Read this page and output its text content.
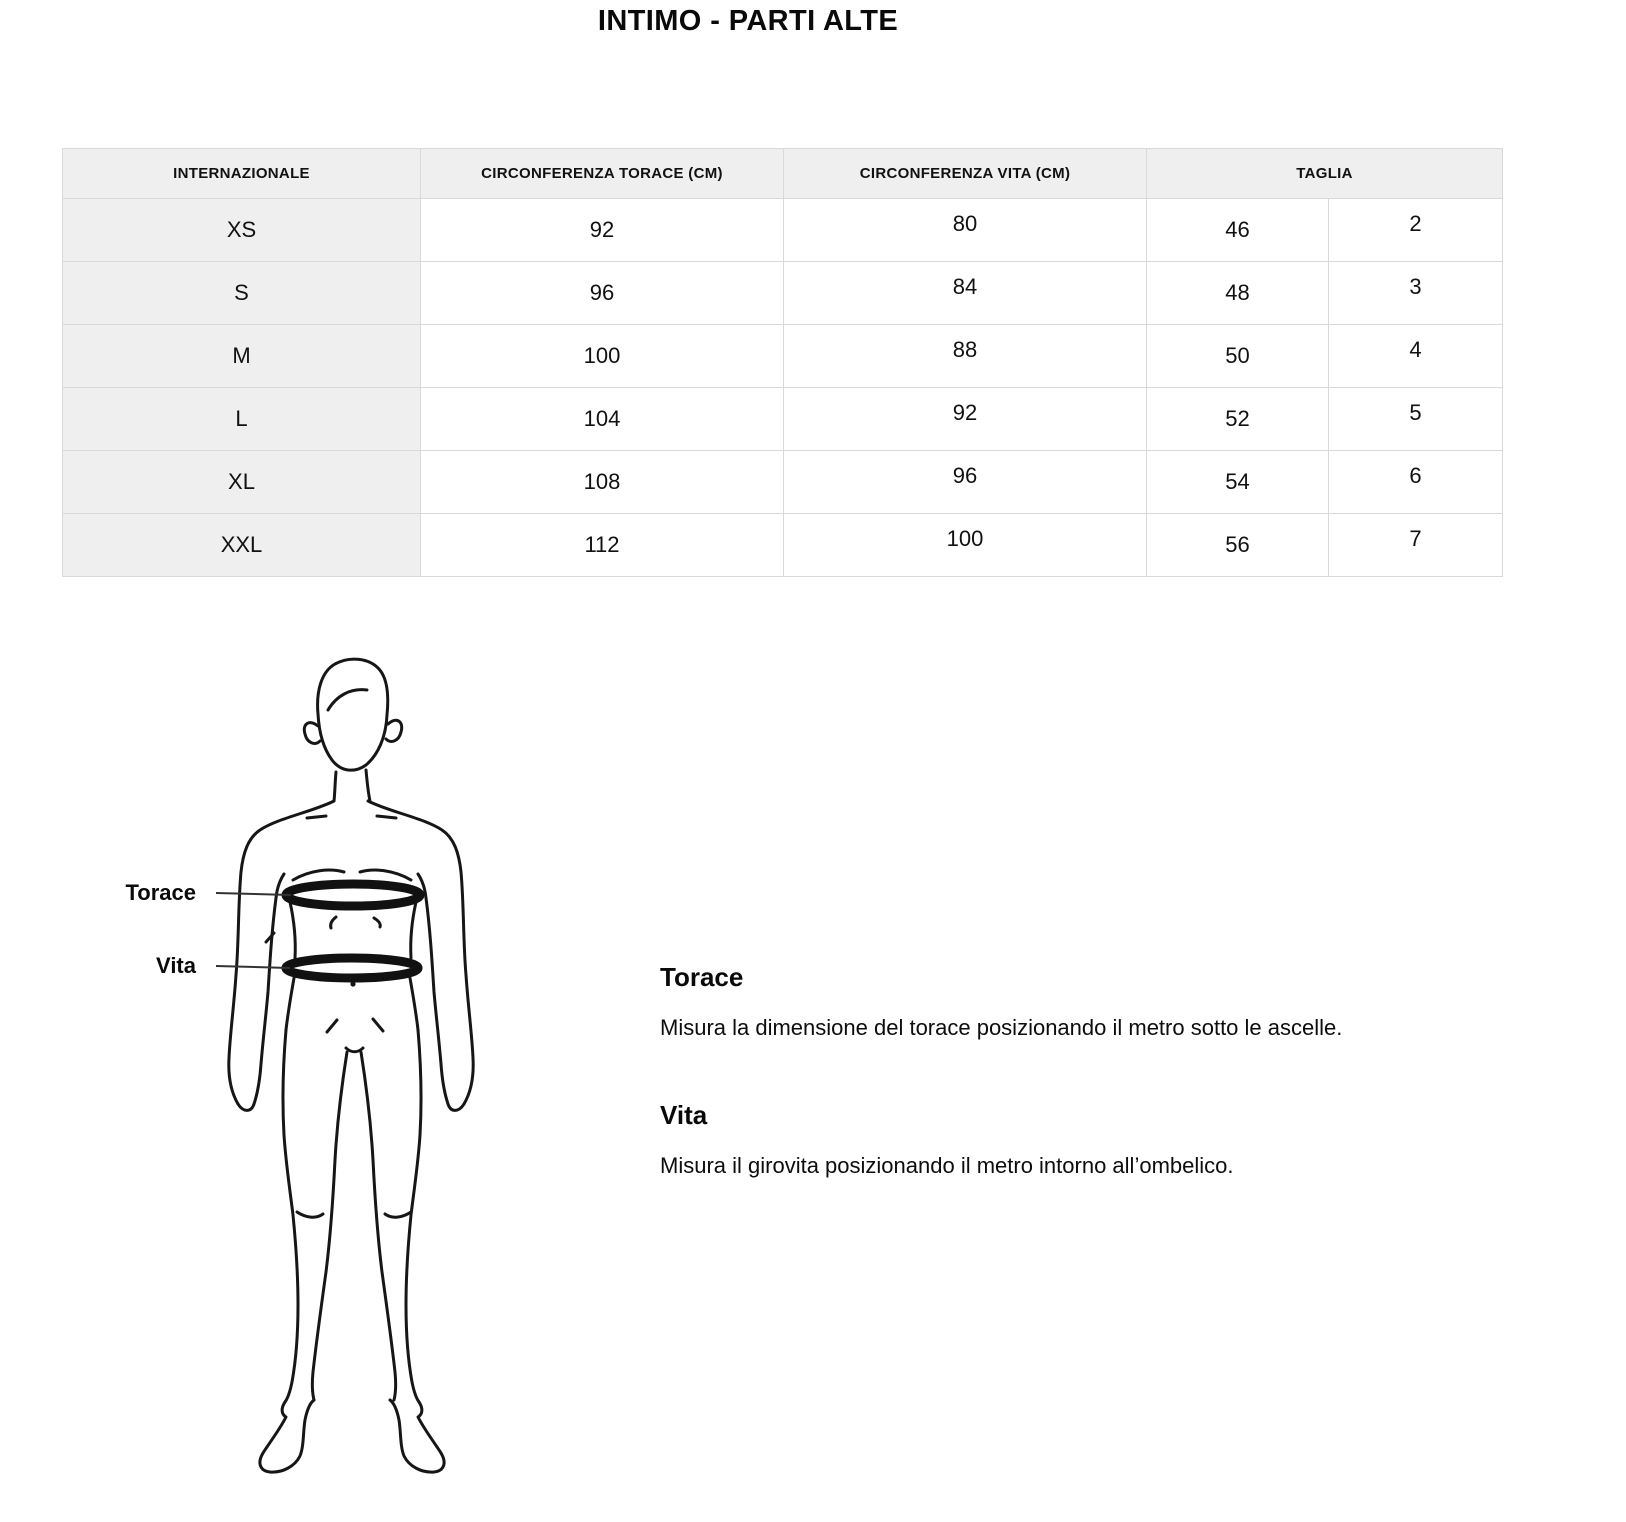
INTIMO - PARTI ALTE
INTERNAZIONALE	CIRCONFERENZA TORACE (CM)	CIRCONFERENZA VITA (CM)	TAGLIA	
XS	92	80	46	2
S	96	84	48	3
M	100	88	50	4
L	104	92	52	5
XL	108	96	54	6
XXL	112	100	56	7
Torace
Vita	Torace

Misura la dimensione del torace posizionando il metro sotto le ascelle.

Vita

Misura il girovita posizionando il metro intorno all’ombelico.
